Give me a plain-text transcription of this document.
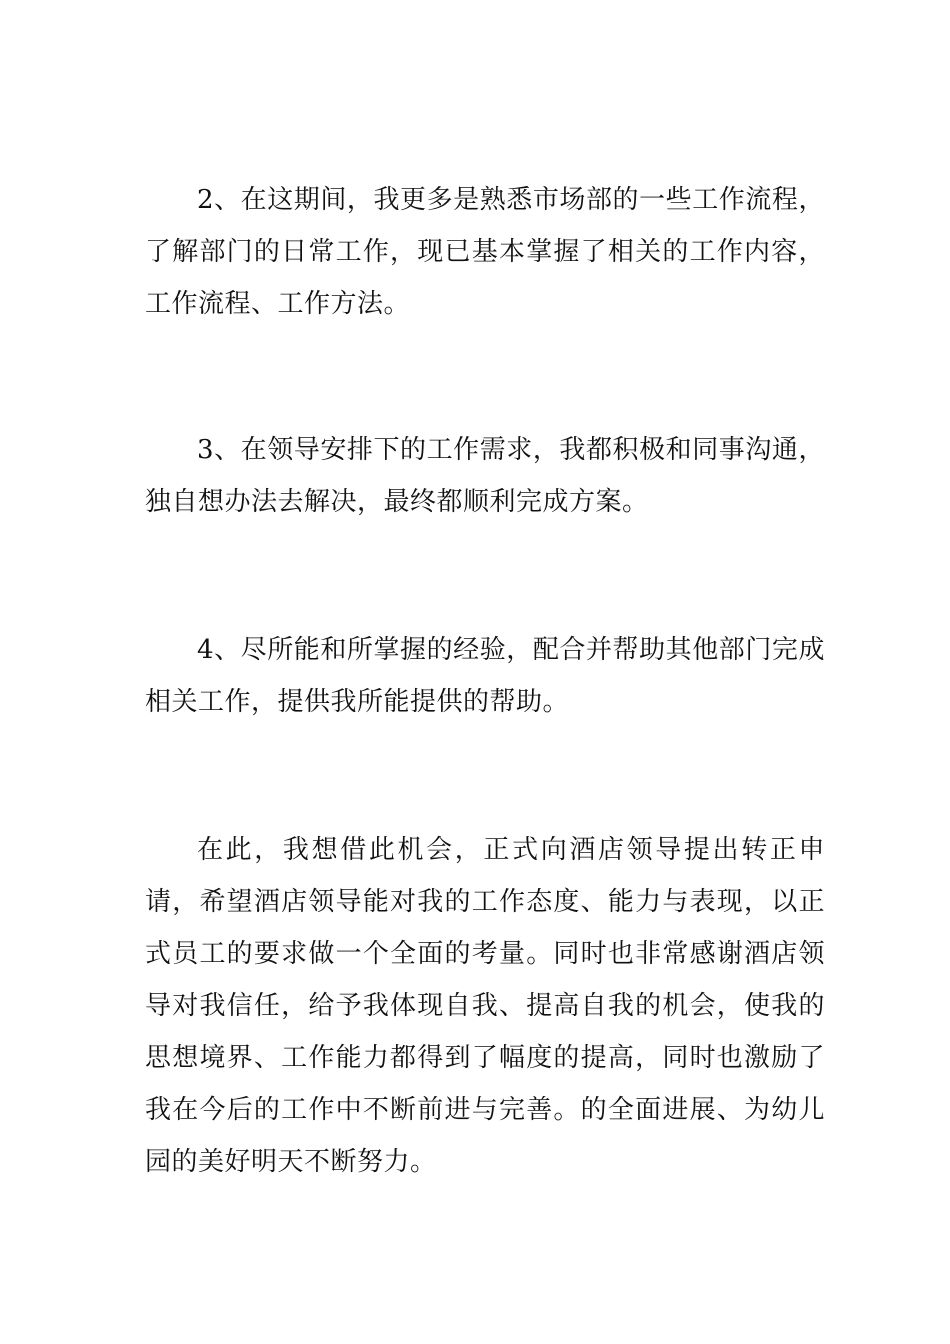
2、在这期间，我更多是熟悉市场部的一些工作流程，了解部门的日常工作，现已基本掌握了相关的工作内容，工作流程、工作方法。

3、在领导安排下的工作需求，我都积极和同事沟通，独自想办法去解决，最终都顺利完成方案。

4、尽所能和所掌握的经验，配合并帮助其他部门完成相关工作，提供我所能提供的帮助。

在此，我想借此机会，正式向酒店领导提出转正申请，希望酒店领导能对我的工作态度、能力与表现，以正式员工的要求做一个全面的考量。同时也非常感谢酒店领导对我信任，给予我体现自我、提高自我的机会，使我的思想境界、工作能力都得到了幅度的提高，同时也激励了我在今后的工作中不断前进与完善。的全面进展、为幼儿园的美好明天不断努力。
